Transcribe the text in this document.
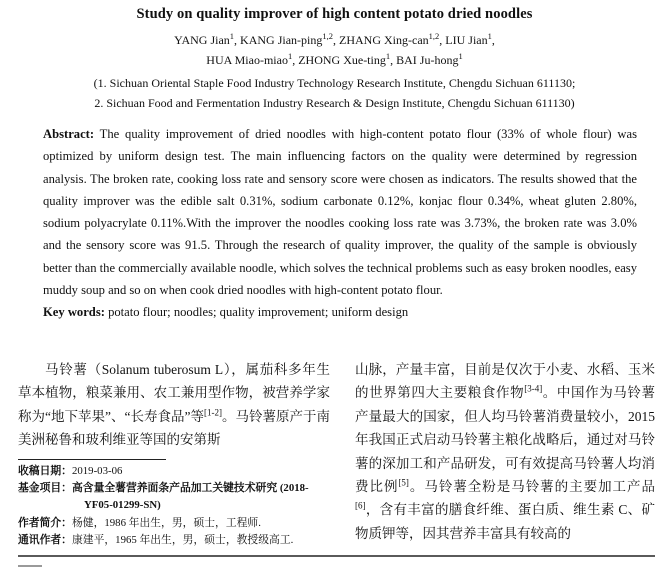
Study on quality improver of high content potato dried noodles
YANG Jian$^1$, KANG Jian-ping$^{1,2}$, ZHANG Xing-can$^{1,2}$, LIU Jian$^1$,
HUA Miao-miao$^1$, ZHONG Xue-ting$^1$, BAI Ju-hong$^1$
(1. Sichuan Oriental Staple Food Industry Technology Research Institute, Chengdu Sichuan 611130;
2. Sichuan Food and Fermentation Industry Research & Design Institute, Chengdu Sichuan 611130)

Abstract: The quality improvement of dried noodles with high-content potato flour (33% of whole flour) was optimized by uniform design test. The main influencing factors on the quality were determined by regression analysis. The broken rate, cooking loss rate and sensory score were chosen as indicators. The results showed that the quality improver was the edible salt 0.31%, sodium carbonate 0.12%, konjac flour 0.34%, wheat gluten 2.80%, sodium polyacrylate 0.11%.With the improver the noodles cooking loss rate was 3.73%, the broken rate was 3.0% and the sensory score was 91.5. Through the research of quality improver, the quality of the sample is obviously better than the commercially available noodle, which solves the technical problems such as easy broken noodles, easy muddy soup and so on when cook dried noodles with high-content potato flour.

Key words: potato flour; noodles; quality improvement; uniform design

马铃薯（Solanum tuberosum L），属茄科多年生草本植物，粮菜兼用、农工兼用型作物，被营养学家称为“地下苹果”、“长寿食品”等[1-2]。马铃薯原产于南美洲秘鲁和玻利维亚等国的安第斯

收稿日期：2019-03-06
基金项目：高含量全薯营养面条产品加工关键技术研究 (2018-YF05-01299-SN)
作者简介：杨健，1986 年出生，男，硕士，工程师.
通讯作者：康建平，1965 年出生，男，硕士，教授级高工.

山脉，产量丰富，目前是仅次于小麦、水稻、玉米的世界第四大主要粮食作物[3-4]。中国作为马铃薯产量最大的国家，但人均马铃薯消费量较小，2015 年我国正式启动马铃薯主粮化战略后，通过对马铃薯的深加工和产品研发，可有效提高马铃薯人均消费比例[5]。马铃薯全粉是马铃薯的主要加工产品[6]，含有丰富的膳食纤维、蛋白质、维生素 C、矿物质钾等，因其营养丰富具有较高的
